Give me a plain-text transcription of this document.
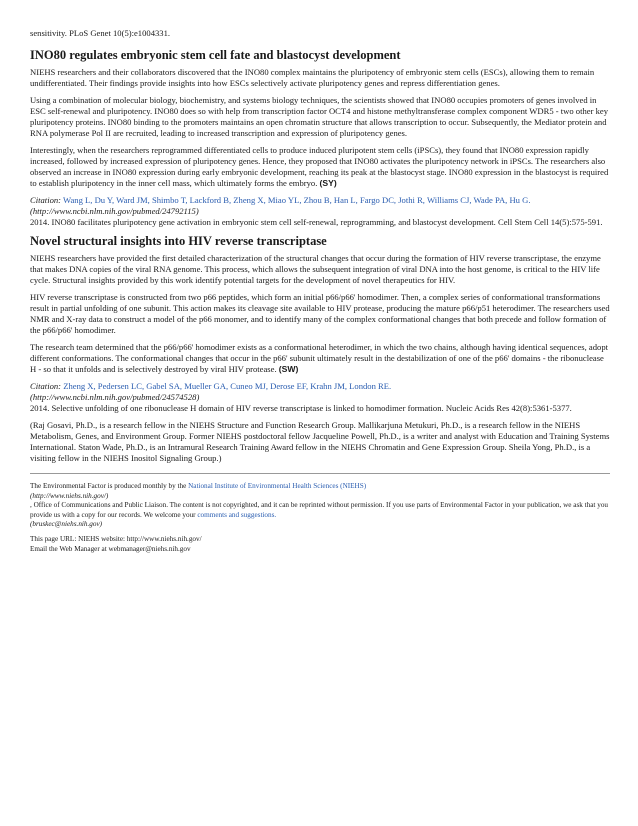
sensitivity. PLoS Genet 10(5):e1004331.

INO80 regulates embryonic stem cell fate and blastocyst development

NIEHS researchers and their collaborators discovered that the INO80 complex maintains the pluripotency of embryonic stem cells (ESCs), allowing them to remain undifferentiated. Their findings provide insights into how ESCs selectively activate pluripotency genes and repress differentiation genes.

Using a combination of molecular biology, biochemistry, and systems biology techniques, the scientists showed that INO80 occupies promoters of genes involved in ESC self-renewal and pluripotency. INO80 does so with help from transcription factor OCT4 and histone methyltransferase complex component WDR5 - two other key pluripotency proteins. INO80 binding to the promoters maintains an open chromatin structure that allows transcription to occur. Subsequently, the Mediator protein and RNA polymerase Pol II are recruited, leading to increased transcription and expression of pluripotency genes.

Interestingly, when the researchers reprogrammed differentiated cells to produce induced pluripotent stem cells (iPSCs), they found that INO80 expression rapidly increased, followed by increased expression of pluripotency genes. Hence, they proposed that INO80 activates the pluripotency network in iPSCs. The researchers also observed an increase in INO80 expression during early embryonic development, reaching its peak at the blastocyst stage. INO80 expression in the blastocyst is required to establish pluripotency in the inner cell mass, which ultimately forms the embryo. (SY)

Citation: Wang L, Du Y, Ward JM, Shimbo T, Lackford B, Zheng X, Miao YL, Zhou B, Han L, Fargo DC, Jothi R, Williams CJ, Wade PA, Hu G.
(http://www.ncbi.nlm.nih.gov/pubmed/24792115)
2014. INO80 facilitates pluripotency gene activation in embryonic stem cell self-renewal, reprogramming, and blastocyst development. Cell Stem Cell 14(5):575-591.

Novel structural insights into HIV reverse transcriptase

NIEHS researchers have provided the first detailed characterization of the structural changes that occur during the formation of HIV reverse transcriptase, the enzyme that makes DNA copies of the viral RNA genome. This process, which allows the subsequent integration of viral DNA into the host genome, is critical to the HIV life cycle. Structural insights provided by this work identify potential targets for the development of novel therapeutics for HIV.

HIV reverse transcriptase is constructed from two p66 peptides, which form an initial p66/p66' homodimer. Then, a complex series of conformational transformations result in partial unfolding of one subunit. This action makes its cleavage site available to HIV protease, producing the mature p66/p51 heterodimer. The researchers used NMR and X-ray data to construct a model of the p66 monomer, and to identify many of the complex conformational changes that both precede and follow formation of the p66/p66' homodimer.

The research team determined that the p66/p66' homodimer exists as a conformational heterodimer, in which the two chains, although having identical sequences, adopt different conformations. The conformational changes that occur in the p66' subunit ultimately result in the destabilization of one of the p66' domains - the ribonuclease H - so that it unfolds and is selectively destroyed by viral HIV protease. (SW)

Citation: Zheng X, Pedersen LC, Gabel SA, Mueller GA, Cuneo MJ, Derose EF, Krahn JM, London RE.
(http://www.ncbi.nlm.nih.gov/pubmed/24574528)
2014. Selective unfolding of one ribonuclease H domain of HIV reverse transcriptase is linked to homodimer formation. Nucleic Acids Res 42(8):5361-5377.

(Raj Gosavi, Ph.D., is a research fellow in the NIEHS Structure and Function Research Group. Mallikarjuna Metukuri, Ph.D., is a research fellow in the NIEHS Metabolism, Genes, and Environment Group. Former NIEHS postdoctoral fellow Jacqueline Powell, Ph.D., is a writer and analyst with Education and Training Systems International. Staton Wade, Ph.D., is an Intramural Research Training Award fellow in the NIEHS Chromatin and Gene Expression Group. Sheila Yong, Ph.D., is a visiting fellow in the NIEHS Inositol Signaling Group.)

The Environmental Factor is produced monthly by the National Institute of Environmental Health Sciences (NIEHS)
(http://www.niehs.nih.gov/)
, Office of Communications and Public Liaison. The content is not copyrighted, and it can be reprinted without permission. If you use parts of Environmental Factor in your publication, we ask that you provide us with a copy for our records. We welcome your comments and suggestions.
(bruskec@niehs.nih.gov)

This page URL: NIEHS website: http://www.niehs.nih.gov/

Email the Web Manager at webmanager@niehs.nih.gov
